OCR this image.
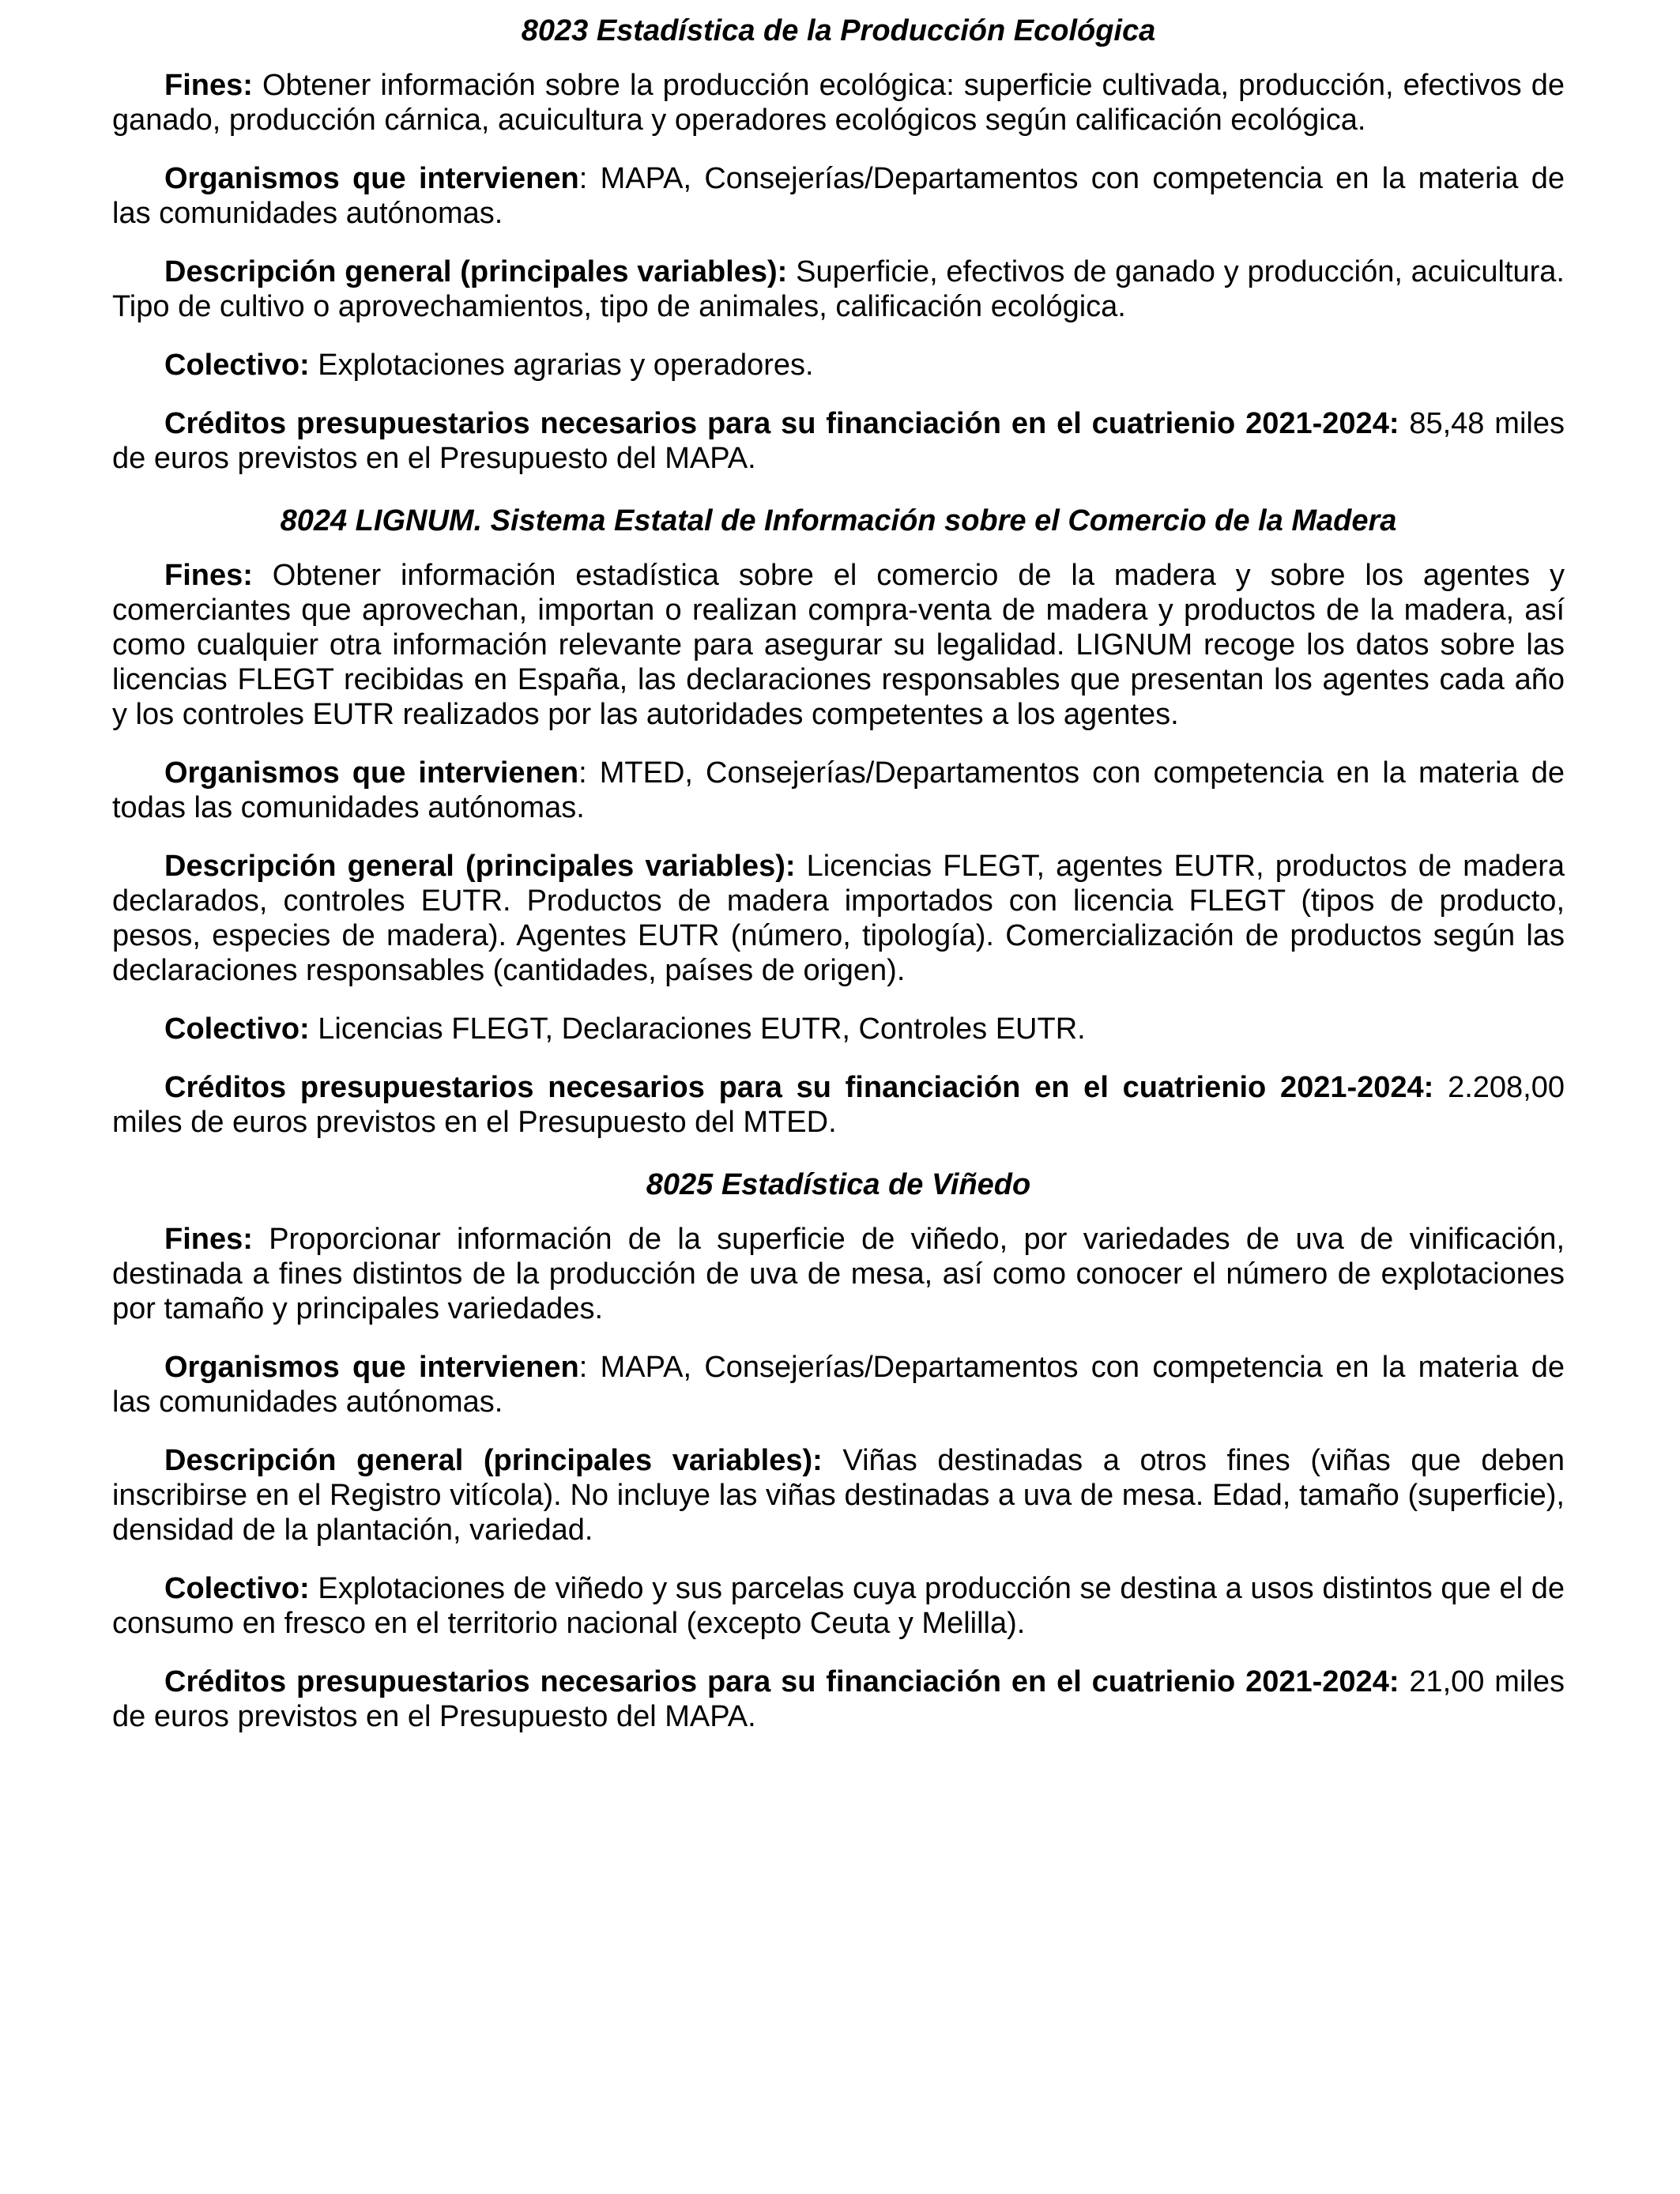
8023 Estadística de la Producción Ecológica

Fines: Obtener información sobre la producción ecológica: superficie cultivada, producción, efectivos de ganado, producción cárnica, acuicultura y operadores ecológicos según calificación ecológica.

Organismos que intervienen: MAPA, Consejerías/Departamentos con competencia en la materia de las comunidades autónomas.

Descripción general (principales variables): Superficie, efectivos de ganado y producción, acuicultura. Tipo de cultivo o aprovechamientos, tipo de animales, calificación ecológica.

Colectivo: Explotaciones agrarias y operadores.

Créditos presupuestarios necesarios para su financiación en el cuatrienio 2021-2024: 85,48 miles de euros previstos en el Presupuesto del MAPA.

8024 LIGNUM. Sistema Estatal de Información sobre el Comercio de la Madera

Fines: Obtener información estadística sobre el comercio de la madera y sobre los agentes y comerciantes que aprovechan, importan o realizan compra-venta de madera y productos de la madera, así como cualquier otra información relevante para asegurar su legalidad. LIGNUM recoge los datos sobre las licencias FLEGT recibidas en España, las declaraciones responsables que presentan los agentes cada año y los controles EUTR realizados por las autoridades competentes a los agentes.

Organismos que intervienen: MTED, Consejerías/Departamentos con competencia en la materia de todas las comunidades autónomas.

Descripción general (principales variables): Licencias FLEGT, agentes EUTR, productos de madera declarados, controles EUTR. Productos de madera importados con licencia FLEGT (tipos de producto, pesos, especies de madera). Agentes EUTR (número, tipología). Comercialización de productos según las declaraciones responsables (cantidades, países de origen).

Colectivo: Licencias FLEGT, Declaraciones EUTR, Controles EUTR.

Créditos presupuestarios necesarios para su financiación en el cuatrienio 2021-2024: 2.208,00 miles de euros previstos en el Presupuesto del MTED.

8025 Estadística de Viñedo

Fines: Proporcionar información de la superficie de viñedo, por variedades de uva de vinificación, destinada a fines distintos de la producción de uva de mesa, así como conocer el número de explotaciones por tamaño y principales variedades.

Organismos que intervienen: MAPA, Consejerías/Departamentos con competencia en la materia de las comunidades autónomas.

Descripción general (principales variables): Viñas destinadas a otros fines (viñas que deben inscribirse en el Registro vitícola). No incluye las viñas destinadas a uva de mesa. Edad, tamaño (superficie), densidad de la plantación, variedad.

Colectivo: Explotaciones de viñedo y sus parcelas cuya producción se destina a usos distintos que el de consumo en fresco en el territorio nacional (excepto Ceuta y Melilla).

Créditos presupuestarios necesarios para su financiación en el cuatrienio 2021-2024: 21,00 miles de euros previstos en el Presupuesto del MAPA.
